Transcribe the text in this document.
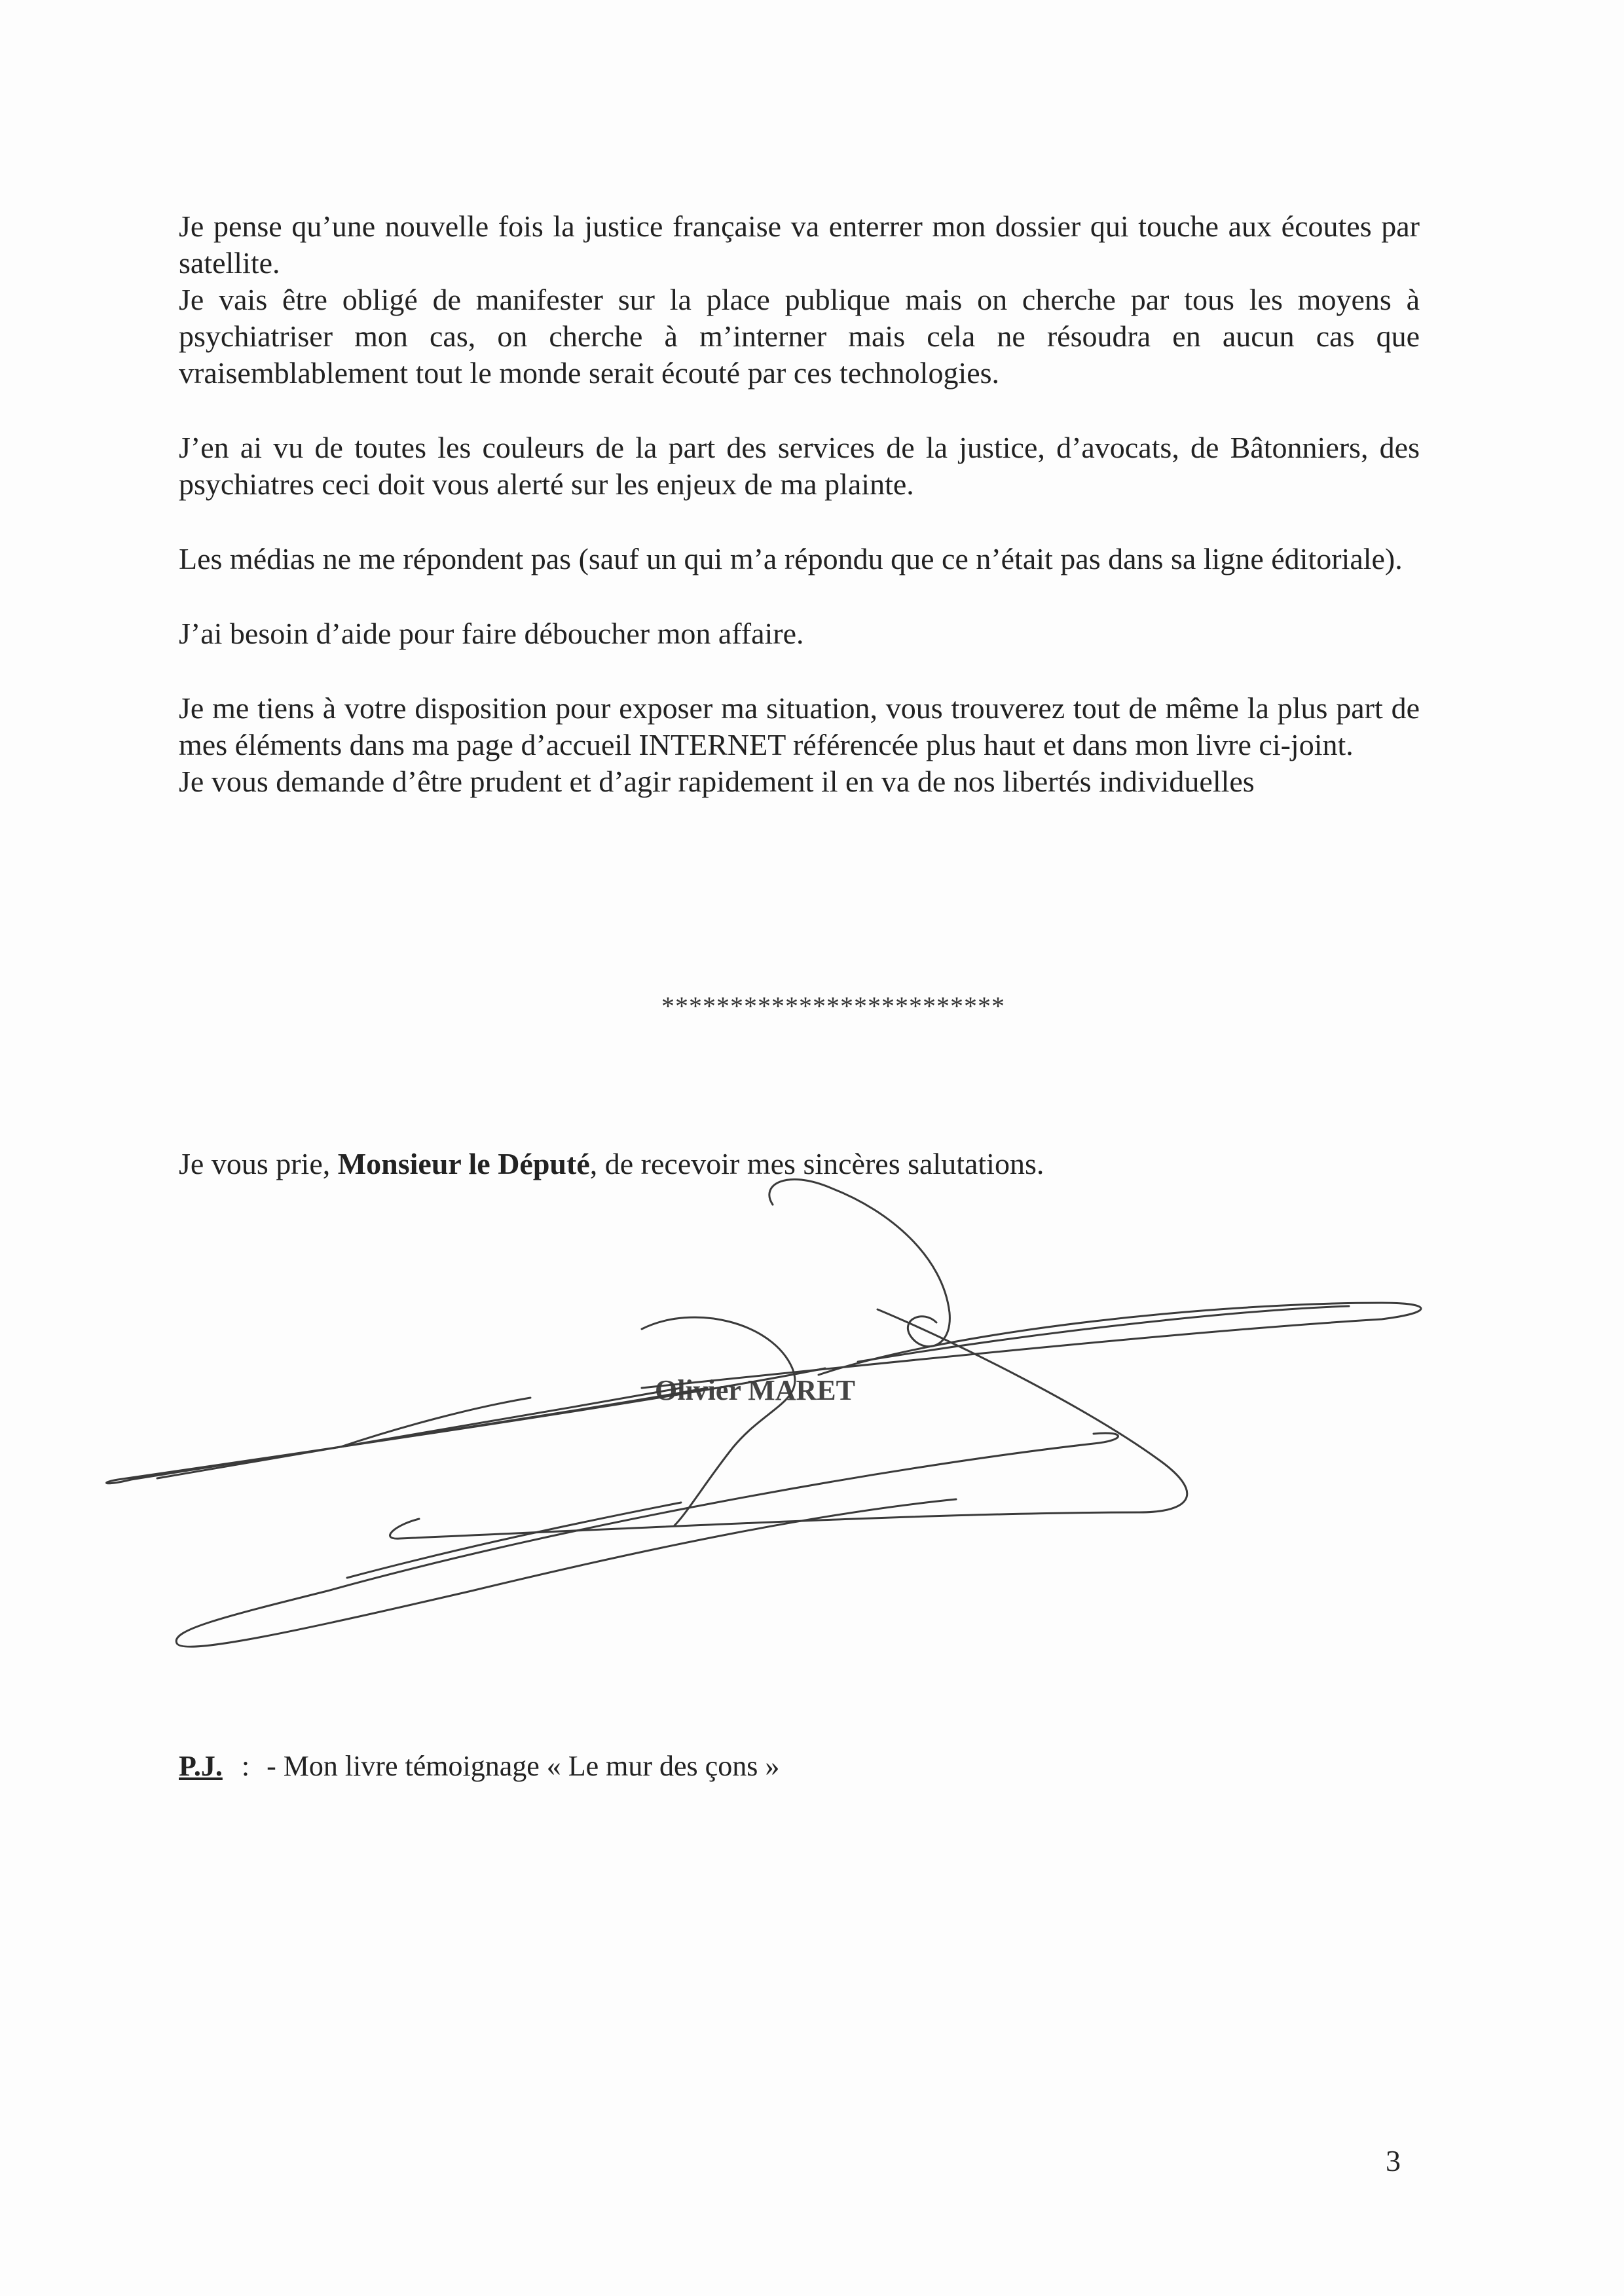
Je pense qu’une nouvelle fois la justice française va enterrer mon dossier qui touche aux écoutes par satellite.

Je vais être obligé de manifester sur la place publique mais on cherche par tous les moyens à psychiatriser mon cas, on cherche à m’interner mais cela ne résoudra en aucun cas que vraisemblablement tout le monde serait écouté par ces technologies.

J’en ai vu de toutes les couleurs de la part des services de la justice, d’avocats, de Bâtonniers, des psychiatres ceci doit vous alerté sur les enjeux de ma plainte.

Les médias ne me répondent pas (sauf un qui m’a répondu que ce n’était pas dans sa ligne éditoriale).

J’ai besoin d’aide pour faire déboucher mon affaire.

Je me tiens à votre disposition pour exposer ma situation, vous trouverez tout de même la plus part de mes éléments dans ma page d’accueil INTERNET référencée plus haut et dans mon livre ci-joint.

Je vous demande d’être prudent et d’agir rapidement il en va de nos libertés individuelles

*************************
Je vous prie, Monsieur le Député, de recevoir mes sincères salutations.
Olivier MARET
P.J. : - Mon livre témoignage « Le mur des çons »
3
